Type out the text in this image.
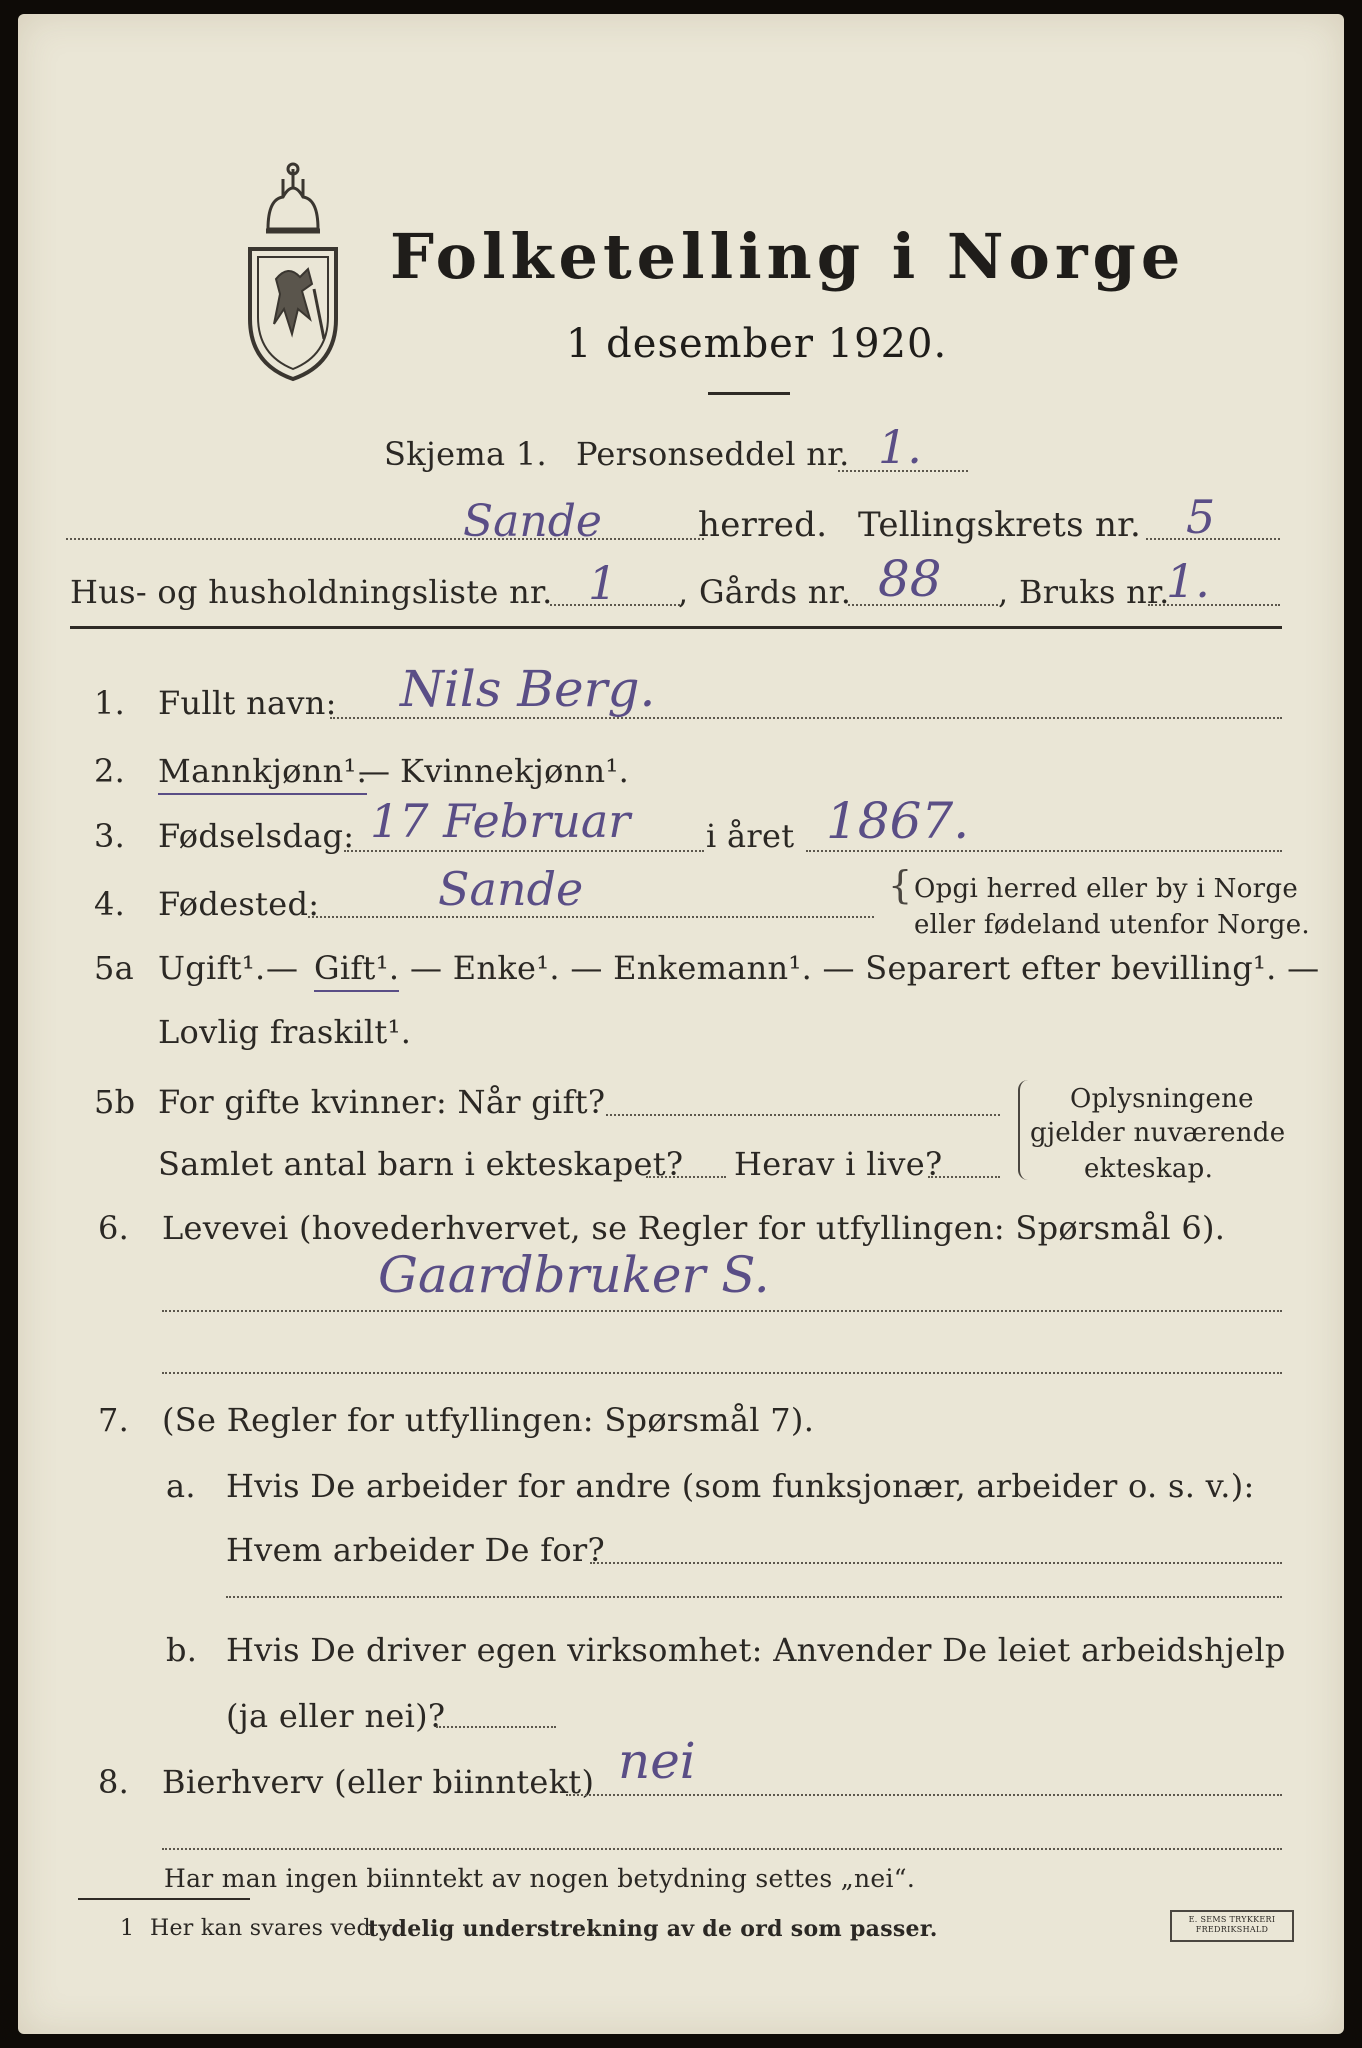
Folketelling i Norge
1 desember 1920.
Skjema 1. Personseddel nr. 1.
Sande	herred. Tellingskrets nr. 5
Hus- og husholdningsliste nr. 1 , Gårds nr. 88 , Bruks nr.
1.
1. Fullt navn: Nils Berg.
2. Mannkjønn¹.
— Kvinnekjønn¹.
3. Fødselsdag: 17 Februar i året 1867.
4. Fødested:	Sande	{ Opgi herred eller by i Norge
eller fødeland utenfor Norge.
5a Ugift¹. — Gift¹. — Enke¹. — Enkemann¹. — Separert efter bevilling¹. —
Lovlig fraskilt¹.
5b For gifte kvinner: Når gift?
Samlet antal barn i ekteskapet? Herav i live?
Oplysningene
gjelder nuværende
ekteskap.
6. Levevei (hovederhvervet, se Regler for utfyllingen: Spørsmål 6).
Gaardbruker S.
7. (Se Regler for utfyllingen: Spørsmål 7).
a. Hvis De arbeider for andre (som funksjonær, arbeider o. s. v.):
Hvem arbeider De for?
b. Hvis De driver egen virksomhet: Anvender De leiet arbeidshjelp
(ja eller nei)?
8. Bierhverv (eller biinntekt) nei
Har man ingen biinntekt av nogen betydning settes „nei“.
1 Her kan svares ved
tydelig understrekning av de ord som passer.	E. SEMS TRYKKERI
FREDRIKSHALD
